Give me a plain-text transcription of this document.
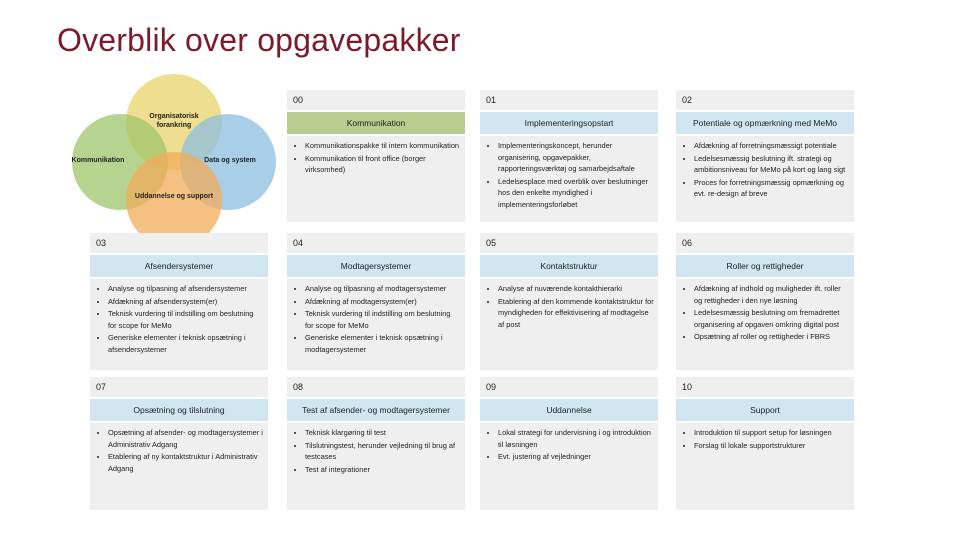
Overblik over opgavepakker
Organisatorisk forankring
Kommunikation	Data og system
Uddannelse og support
00
Kommunikation
• Kommunikationspakke til intern kommunikation
• Kommunikation til front office (borger virksomhed)
01
Implementeringsopstart
• Implementeringskoncept, herunder organisering, opgavepakker, rapporteringsværktøj og samarbejdsaftale
• Ledelsesplace med overblik over beslutninger hos den enkelte myndighed i implementeringsforløbet
02
Potentiale og opmærkning med MeMo
• Afdækning af forretningsmæssigt potentiale
• Ledelsesmæssig beslutning ift. strategi og ambitionsniveau for MeMo på kort og lang sigt
• Proces for forretningsmæssig opmærkning og evt. re-design af breve
03
Afsendersystemer
• Analyse og tilpasning af afsendersystemer
• Afdækning af afsendersystem(er)
• Teknisk vurdering til indstilling om beslutning for scope for MeMo
• Generiske elementer i teknisk opsætning i afsendersystemer
04
Modtagersystemer
• Analyse og tilpasning af modtagersystemer
• Afdækning af modtagersystem(er)
• Teknisk vurdering til indstilling om beslutning for scope for MeMo
• Generiske elementer i teknisk opsætning i modtagersystemer
05
Kontaktstruktur
• Analyse af nuværende kontakthierarki
• Etablering af den kommende kontaktstruktur for myndigheden for effektivisering af modtagelse af post
06
Roller og rettigheder
• Afdækning af indhold og muligheder ift. roller og rettigheder i den nye løsning
• Ledelsesmæssig beslutning om fremadrettet organisering af opgaven omkring digital post
• Opsætning af roller og rettigheder i FBRS
07
Opsætning og tilslutning
• Opsætning af afsender- og modtagersystemer i Administrativ Adgang
• Etablering af ny kontaktstruktur i Administrativ Adgang
08
Test af afsender- og modtagersystemer
• Teknisk klargøring til test
• Tilslutningstest, herunder vejledning til brug af testcases
• Test af integrationer
09
Uddannelse
• Lokal strategi for undervisning i og introduktion til løsningen
• Evt. justering af vejledninger
10
Support
• Introduktion til support setup for løsningen
• Forslag til lokale supportstrukturer
